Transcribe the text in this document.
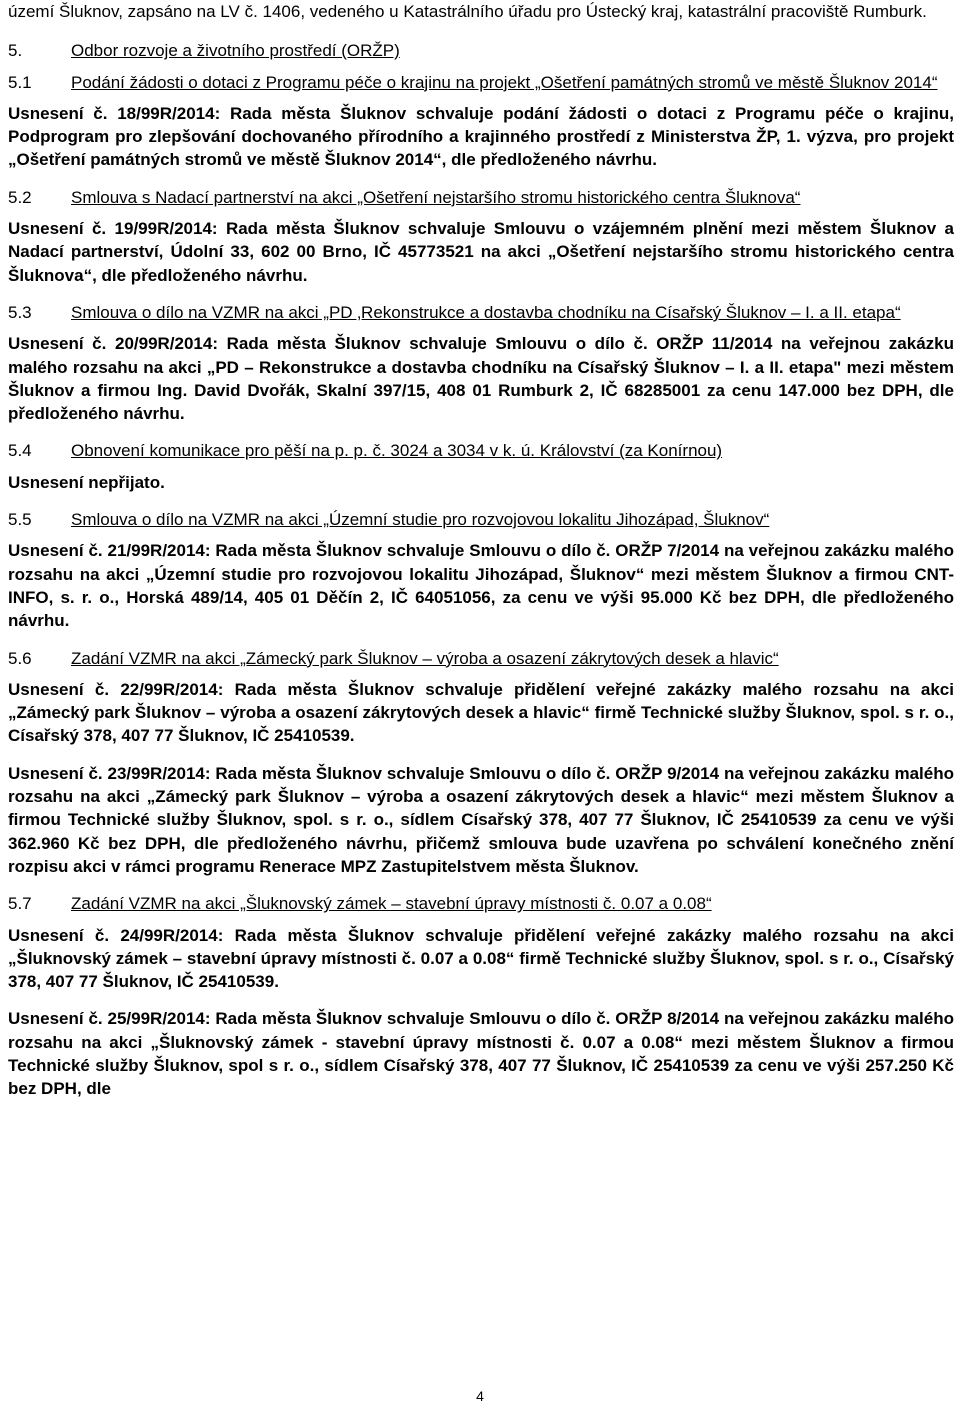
území Šluknov, zapsáno na LV č. 1406, vedeného u Katastrálního úřadu pro Ústecký kraj, katastrální pracoviště Rumburk.

5.	Odbor rozvoje a životního prostředí (ORŽP)
5.1	Podání žádosti o dotaci z Programu péče o krajinu na projekt „Ošetření památných stromů ve městě Šluknov 2014“

Usnesení č. 18/99R/2014: Rada města Šluknov schvaluje podání žádosti o dotaci z Programu péče o krajinu, Podprogram pro zlepšování dochovaného přírodního a krajinného prostředí z Ministerstva ŽP, 1. výzva, pro projekt „Ošetření památných stromů ve městě Šluknov 2014“, dle předloženého návrhu.

5.2	Smlouva s Nadací partnerství na akci „Ošetření nejstaršího stromu historického centra Šluknova“

Usnesení č. 19/99R/2014: Rada města Šluknov schvaluje Smlouvu o vzájemném plnění mezi městem Šluknov a Nadací partnerství, Údolní 33, 602 00 Brno, IČ 45773521 na akci „Ošetření nejstaršího stromu historického centra Šluknova“, dle předloženého návrhu.

5.3	Smlouva o dílo na VZMR na akci „PD ‚Rekonstrukce a dostavba chodníku na Císařský Šluknov – I. a II. etapa“

Usnesení č. 20/99R/2014: Rada města Šluknov schvaluje Smlouvu o dílo č. ORŽP 11/2014 na veřejnou zakázku malého rozsahu na akci „PD – Rekonstrukce a dostavba chodníku na Císařský Šluknov – I. a II. etapa" mezi městem Šluknov a firmou Ing. David Dvořák, Skalní 397/15, 408 01 Rumburk 2, IČ 68285001 za cenu 147.000 bez DPH, dle předloženého návrhu.

5.4	Obnovení komunikace pro pěší na p. p. č. 3024 a 3034 v k. ú. Království (za Konírnou)

Usnesení nepřijato.

5.5	Smlouva o dílo na VZMR na akci „Územní studie pro rozvojovou lokalitu Jihozápad, Šluknov“

Usnesení č. 21/99R/2014: Rada města Šluknov schvaluje Smlouvu o dílo č. ORŽP 7/2014 na veřejnou zakázku malého rozsahu na akci „Územní studie pro rozvojovou lokalitu Jihozápad, Šluknov“ mezi městem Šluknov a firmou CNT-INFO, s. r. o., Horská 489/14, 405 01 Děčín 2, IČ 64051056, za cenu ve výši 95.000 Kč bez DPH, dle předloženého návrhu.

5.6	Zadání VZMR na akci „Zámecký park Šluknov – výroba a osazení zákrytových desek a hlavic“

Usnesení č. 22/99R/2014: Rada města Šluknov schvaluje přidělení veřejné zakázky malého rozsahu na akci „Zámecký park Šluknov – výroba a osazení zákrytových desek a hlavic“ firmě Technické služby Šluknov, spol. s r. o., Císařský 378, 407 77 Šluknov, IČ 25410539.

Usnesení č. 23/99R/2014: Rada města Šluknov schvaluje Smlouvu o dílo č. ORŽP 9/2014 na veřejnou zakázku malého rozsahu na akci „Zámecký park Šluknov – výroba a osazení zákrytových desek a hlavic“ mezi městem Šluknov a firmou Technické služby Šluknov, spol. s r. o., sídlem Císařský 378, 407 77 Šluknov, IČ 25410539 za cenu ve výši 362.960 Kč bez DPH, dle předloženého návrhu, přičemž smlouva bude uzavřena po schválení konečného znění rozpisu akci v rámci programu Renerace MPZ Zastupitelstvem města Šluknov.

5.7	Zadání VZMR na akci „Šluknovský zámek – stavební úpravy místnosti č. 0.07 a 0.08“

Usnesení č. 24/99R/2014: Rada města Šluknov schvaluje přidělení veřejné zakázky malého rozsahu na akci „Šluknovský zámek – stavební úpravy místnosti č. 0.07 a 0.08“ firmě Technické služby Šluknov, spol. s r. o., Císařský 378, 407 77 Šluknov, IČ 25410539.

Usnesení č. 25/99R/2014: Rada města Šluknov schvaluje Smlouvu o dílo č. ORŽP 8/2014 na veřejnou zakázku malého rozsahu na akci „Šluknovský zámek - stavební úpravy místnosti č. 0.07 a 0.08“ mezi městem Šluknov a firmou Technické služby Šluknov, spol s r. o., sídlem Císařský 378, 407 77 Šluknov, IČ 25410539 za cenu ve výši 257.250 Kč bez DPH, dle

4
